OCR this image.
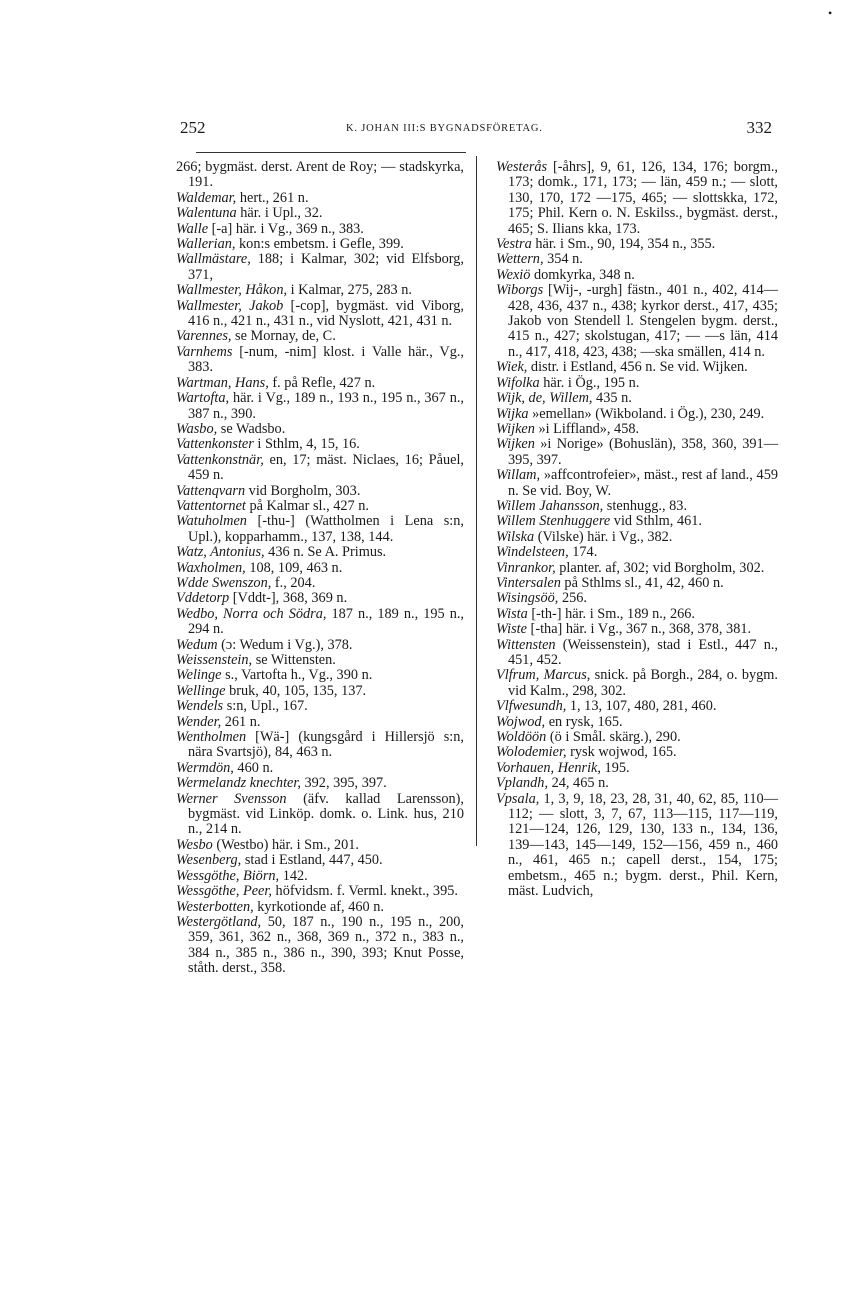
•
252	K. JOHAN III:S BYGNADSFÖRETAG.	332
266; bygmäst. derst. Arent de Roy; — stadskyrka, 191.
Waldemar, hert., 261 n.
Walentuna här. i Upl., 32.
Walle [-a] här. i Vg., 369 n., 383.
Wallerian, kon:s embetsm. i Gefle, 399.
Wallmästare, 188; i Kalmar, 302; vid Elfsborg, 371,
Wallmester, Håkon, i Kalmar, 275, 283 n.
Wallmester, Jakob [-cop], bygmäst. vid Viborg, 416 n., 421 n., 431 n., vid Nyslott, 421, 431 n.
Varennes, se Mornay, de, C.
Varnhems [-num, -nim] klost. i Valle här., Vg., 383.
Wartman, Hans, f. på Refle, 427 n.
Wartofta, här. i Vg., 189 n., 193 n., 195 n., 367 n., 387 n., 390.
Wasbo, se Wadsbo.
Vattenkonster i Sthlm, 4, 15, 16.
Vattenkonstnär, en, 17; mäst. Niclaes, 16; Påuel, 459 n.
Vattenqvarn vid Borgholm, 303.
Vattentornet på Kalmar sl., 427 n.
Watuholmen [-thu-] (Wattholmen i Lena s:n, Upl.), kopparhamm., 137, 138, 144.
Watz, Antonius, 436 n. Se A. Primus.
Waxholmen, 108, 109, 463 n.
Wdde Swenszon, f., 204.
Vddetorp [Vddt-], 368, 369 n.
Wedbo, Norra och Södra, 187 n., 189 n., 195 n., 294 n.
Wedum (ɔ: Wedum i Vg.), 378.
Weissenstein, se Wittensten.
Welinge s., Vartofta h., Vg., 390 n.
Wellinge bruk, 40, 105, 135, 137.
Wendels s:n, Upl., 167.
Wender, 261 n.
Wentholmen [Wä-] (kungsgård i Hillersjö s:n, nära Svartsjö), 84, 463 n.
Wermdön, 460 n.
Wermelandz knechter, 392, 395, 397.
Werner Svensson (äfv. kallad Larensson), bygmäst. vid Linköp. domk. o. Link. hus, 210 n., 214 n.
Wesbo (Westbo) här. i Sm., 201.
Wesenberg, stad i Estland, 447, 450.
Wessgöthe, Biörn, 142.
Wessgöthe, Peer, höfvidsm. f. Verml. knekt., 395.
Westerbotten, kyrkotionde af, 460 n.
Westergötland, 50, 187 n., 190 n., 195 n., 200, 359, 361, 362 n., 368, 369 n., 372 n., 383 n., 384 n., 385 n., 386 n., 390, 393; Knut Posse, ståth. derst., 358.
Westerås [-åhrs], 9, 61, 126, 134, 176; borgm., 173; domk., 171, 173; — län, 459 n.; — slott, 130, 170, 172 —175, 465; — slottskka, 172, 175; Phil. Kern o. N. Eskilss., bygmäst. derst., 465; S. Ilians kka, 173.
Vestra här. i Sm., 90, 194, 354 n., 355.
Wettern, 354 n.
Wexiö domkyrka, 348 n.
Wiborgs [Wij-, -urgh] fästn., 401 n., 402, 414—428, 436, 437 n., 438; kyrkor derst., 417, 435; Jakob von Stendell l. Stengelen bygm. derst., 415 n., 427; skolstugan, 417; — —s län, 414 n., 417, 418, 423, 438; —ska smällen, 414 n.
Wiek, distr. i Estland, 456 n. Se vid. Wijken.
Wifolka här. i Ög., 195 n.
Wijk, de, Willem, 435 n.
Wijka »emellan» (Wikboland. i Ög.), 230, 249.
Wijken »i Liffland», 458.
Wijken »i Norige» (Bohuslän), 358, 360, 391—395, 397.
Willam, »affcontrofeier», mäst., rest af land., 459 n. Se vid. Boy, W.
Willem Jahansson, stenhugg., 83.
Willem Stenhuggere vid Sthlm, 461.
Wilska (Vilske) här. i Vg., 382.
Windelsteen, 174.
Vinrankor, planter. af, 302; vid Borgholm, 302.
Vintersalen på Sthlms sl., 41, 42, 460 n.
Wisingsöö, 256.
Wista [-th-] här. i Sm., 189 n., 266.
Wiste [-tha] här. i Vg., 367 n., 368, 378, 381.
Wittensten (Weissenstein), stad i Estl., 447 n., 451, 452.
Vlfrum, Marcus, snick. på Borgh., 284, o. bygm. vid Kalm., 298, 302.
Vlfwesundh, 1, 13, 107, 480, 281, 460.
Wojwod, en rysk, 165.
Woldöön (ö i Smål. skärg.), 290.
Wolodemier, rysk wojwod, 165.
Vorhauen, Henrik, 195.
Vplandh, 24, 465 n.
Vpsala, 1, 3, 9, 18, 23, 28, 31, 40, 62, 85, 110—112; — slott, 3, 7, 67, 113—115, 117—119, 121—124, 126, 129, 130, 133 n., 134, 136, 139—143, 145—149, 152—156, 459 n., 460 n., 461, 465 n.; capell derst., 154, 175; embetsm., 465 n.; bygm. derst., Phil. Kern, mäst. Ludvich,
